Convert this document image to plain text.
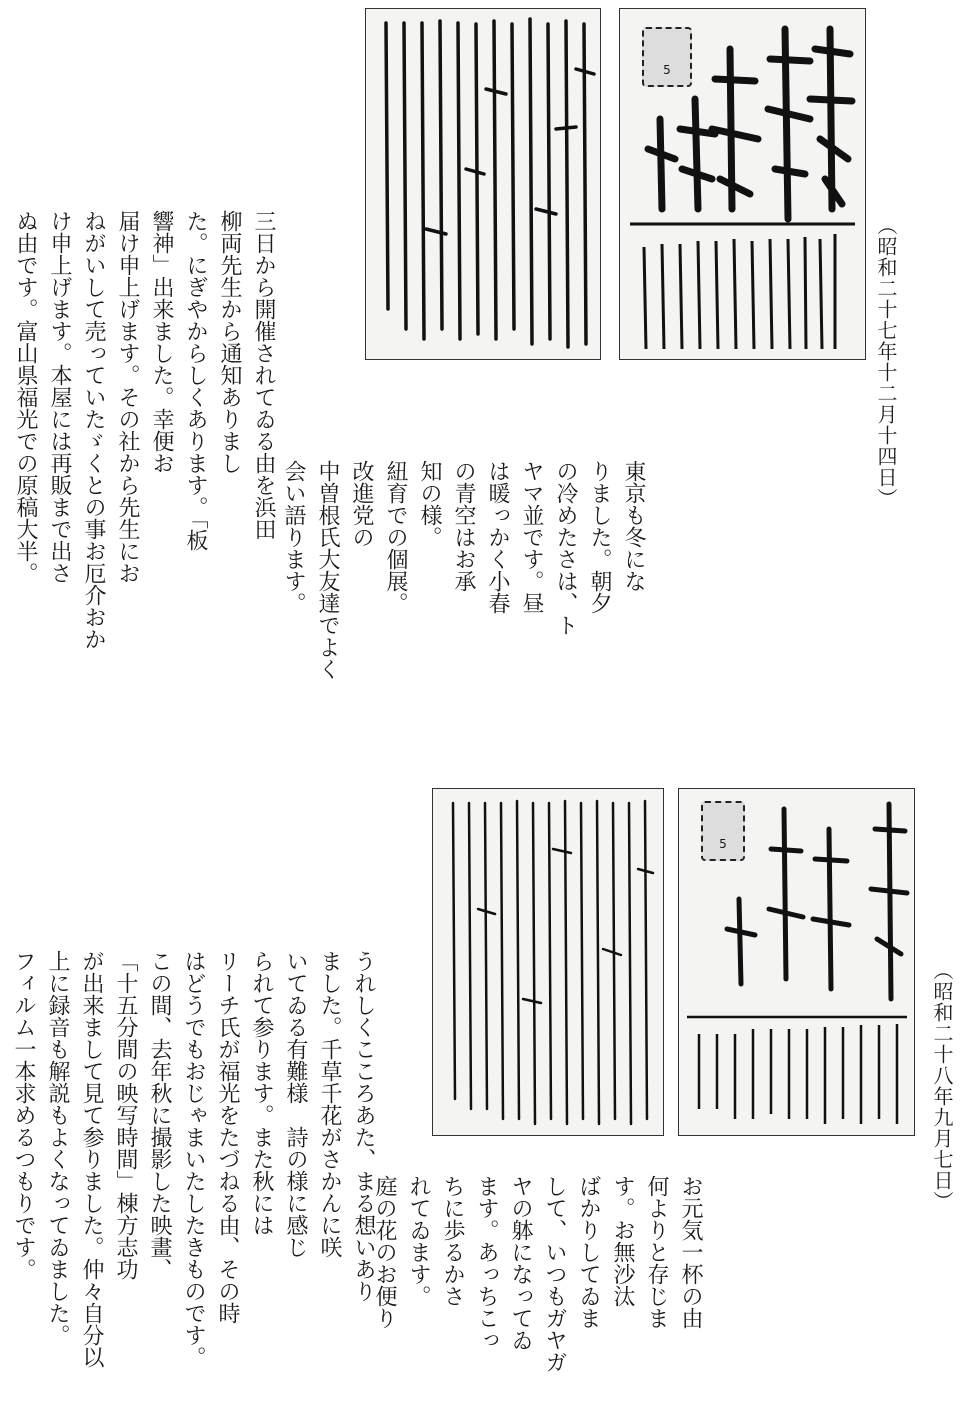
（昭和二十七年十二月十四日）
5
東京も冬にな
りました。朝夕
の冷めたさは、ト
ヤマ並です。昼
は暖っかく小春
の青空はお承
知の様。
紐育での個展。
改進党の
中曽根氏大友達でよく
会い語ります。
三日から開催されてゐる由を浜田
柳両先生から通知ありまし
た。にぎやからしくあります。「板
響神」出来ました。幸便お
届け申上げます。その社から先生にお
ねがいして売っていたゞくとの事お厄介おか
け申上げます。本屋には再販まで出さ
ぬ由です。富山県福光での原稿大半。
（昭和二十八年九月七日）
5
お元気一杯の由
何よりと存じま
す。お無沙汰
ばかりしてゐま
して、いつもガヤガ
ヤの躰になってゐ
ます。あっちこっ
ちに歩るかさ
れてゐます。
庭の花のお便り
うれしくこころあた、まる想いあり
ました。千草千花がさかんに咲
いてゐる有難様　詩の様に感じ
られて参ります。また秋には
リーチ氏が福光をたづねる由、その時
はどうでもおじゃまいたしたきものです。
この間、去年秋に撮影した映畫、
「十五分間の映写時間」棟方志功
が出来まして見て参りました。仲々自分以
上に録音も解説もよくなってゐました。
フィルム一本求めるつもりです。
